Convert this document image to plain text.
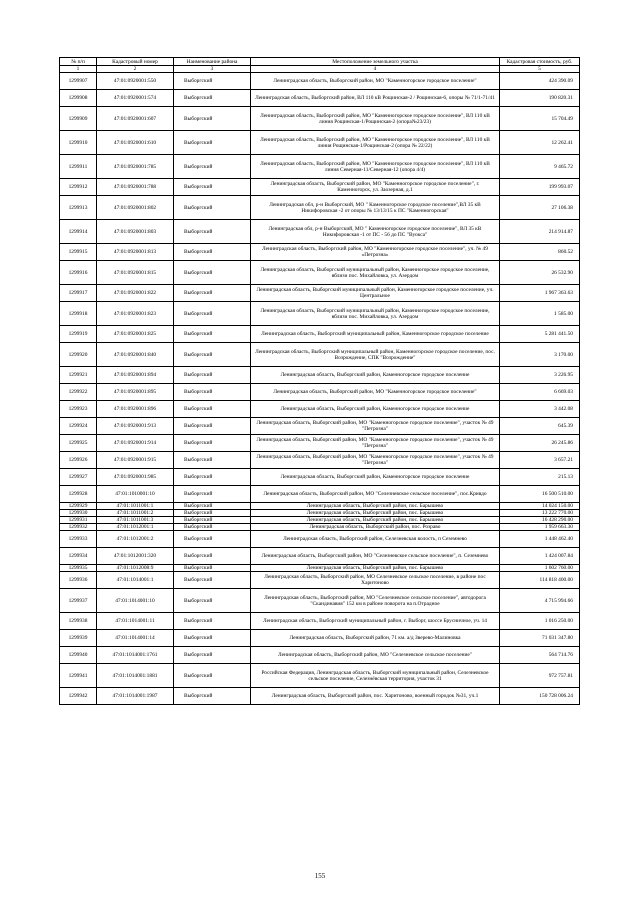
№ п/п	Кадастровый номер	Наименование района	Местоположение земельного участка	Кадастровая стоимость, руб.
1	2	3	4	5
1299907	47:01:0920001:550	Выборгский	Ленинградская область, Выборгский район, МО "Каменногорское городское поселение"	424 390.09
1299908	47:01:0920001:574	Выборгский	Ленинградская область, Выборгский район, ВЛ 110 кВ Рощинская-2 / Рощинская-6, опоры № 71/1-71/41	190 820.31
1299909	47:01:0920001:607	Выборгский	Ленинградская область, Выборгский район, МО "Каменногорское городское поселение", ВЛ 110 кВ линия Рощинская-1/Рощинская-2 (опора№23/23)	15 704.49
1299910	47:01:0920001:610	Выборгский	Ленинградская область, Выборгский район, МО "Каменногорское городское поселение", ВЛ 110 кВ линия Рощинская-1/Рощинская-2 (опора № 22/22)	12 262.41
1299911	47:01:0920001:785	Выборгский	Ленинградская область, Выборгский район, МО "Каменногорское городское поселение", ВЛ 110 кВ линия Северная-11/Северная-12 (опора 4/4)	9 465.72
1299912	47:01:0920001:788	Выборгский	Ленинградская область, Выборгский район, МО "Каменногорское городское поселение", г. Каменногорск, ул. Заозерная, д.1	199 993.07
1299913	47:01:0920001:802	Выборгский	Ленинградская обл, р-н Выборгский, МО " Каменногорское городское поселение",ВЛ 35 кВ Никифоровская -2 от опоры № 13/13/15 к ПС "Каменногорская"	27 106.38
1299914	47:01:0920001:803	Выборгский	Ленинградская обл, р-н Выборгский, МО " Каменногорское городское поселение", ВЛ 35 кВ Никифоровская -1 от ПС - 56 до ПС "Вуокса"	214 914.87
1299915	47:01:0920001:813	Выборгский	Ленинградская область, Выборгский район, МО "Каменногорское городское поселение", уч. № 49 «Петрозна»	860.52
1299916	47:01:0920001:815	Выборгский	Ленинградская область, Выборгский муниципальный район, Каменногорское городское поселение, вблизи пос. Михайловка, ул. Азердом	26 532.90
1299917	47:01:0920001:822	Выборгский	Ленинградская область, Выборгский муниципальный район, Каменногорское городское поселение, уч. Центральное	1 967 363.63
1299918	47:01:0920001:823	Выборгский	Ленинградская область, Выборгский муниципальный район, Каменногорское городское поселение, вблизи пос. Михайловка, ул. Азердом	1 585.00
1299919	47:01:0920001:825	Выборгский	Ленинградская область, Выборгский муниципальный район, Каменногорское городское поселение	5 281 441.50
1299920	47:01:0920001:840	Выборгский	Ленинградская область, Выборгский муниципальный район, Каменногорское городское поселение, пос. Возрождение, СПК "Возрождение"	3 170.00
1299921	47:01:0920001:894	Выборгский	Ленинградская область, Выборгский район, Каменногорское городское поселение	3 226.95
1299922	47:01:0920001:895	Выборгский	Ленинградская область, Выборгский район, МО "Каменногорское городское поселение"	6 669.03
1299923	47:01:0920001:896	Выборгский	Ленинградская область, Выборгский район, Каменногорское городское поселение	3 442.08
1299924	47:01:0920001:913	Выборгский	Ленинградская область, Выборгский район, МО "Каменногорское городское поселение", участок № 49 "Петрозна"	645.39
1299925	47:01:0920001:914	Выборгский	Ленинградская область, Выборгский район, МО "Каменногорское городское поселение", участок № 49 "Петрозна"	26 245.86
1299926	47:01:0920001:915	Выборгский	Ленинградская область, Выборгский район, МО "Каменногорское городское поселение", участок № 49 "Петрозна"	3 657.21
1299927	47:01:0920001:985	Выборгский	Ленинградская область, Выборгский район, Каменногорское городское поселение	215.13
1299928	47:01:1010001:10	Выборгский	Ленинградская область, Выборгский район, МО "Селезневское сельское поселение", пос.Кривдо	16 500 510.00
1299929	47:01:1011001:1	Выборгский	Ленинградская область, Выборгский район, пос. Барышево	14 024 150.00
1299930	47:01:1011001:2	Выборгский	Ленинградская область, Выборгский район, пос. Барышево	13 222 770.00
1299931	47:01:1011001:3	Выборгский	Ленинградская область, Выборгский район, пос. Барышево	16 428 290.00
1299932	47:01:1012001:1	Выборгский	Ленинградская область, Выборгский район, пос. Розраво	1 959 663.30
1299933	47:01:1012001:2	Выборгский	Ленинградская область, Выборгский район, Селезневская волость, п Сеземнево	1 448 462.40
1299934	47:01:1012001:320	Выборгский	Ленинградская область, Выборгский район, МО "Селезневское сельское поселение", п. Сеземнево	1 424 007.84
1299935	47:01:1012008:9	Выборгский	Ленинградская область, Выборгский район, пос. Барышево	1 602 760.00
1299936	47:01:1014001:1	Выборгский	Ленинградская область, Выборгский район, МО Селезневское сельское поселение, в районе пос Харитоново	114 818 400.00
1299937	47:01:1014001:10	Выборгский	Ленинградская область, Выборгский район, МО "Селезневское сельское поселение", автодорога "Скандинавия" 152 км в районе поворота на п.Отрадное	4 715 994.66
1299938	47:01:1014001:11	Выборгский	Ленинградская область, Выборгский муниципальный район, г. Выборг, шоссе Брусничное, уч. 14	1 016 250.00
1299939	47:01:1014001:14	Выборгский	Ленинградская область, Выборгский район, 71 км. а/д Зверево-Малиновка	71 031 347.80
1299940	47:01:1014001:1761	Выборгский	Ленинградская область, Выборгский район, МО "Селезневское сельское поселение"	564 714.76
1299941	47:01:1014001:1881	Выборгский	Российская Федерация, Ленинградская область, Выборгский муниципальный район, Селезневское сельское поселение, Селезнёвская территория, участок 31	972 757.81
1299942	47:01:1014001:1987	Выборгский	Ленинградская область, Выборгский район, пос. Харитоново, военный городок №31, уч.1	150 728 006.24
155
